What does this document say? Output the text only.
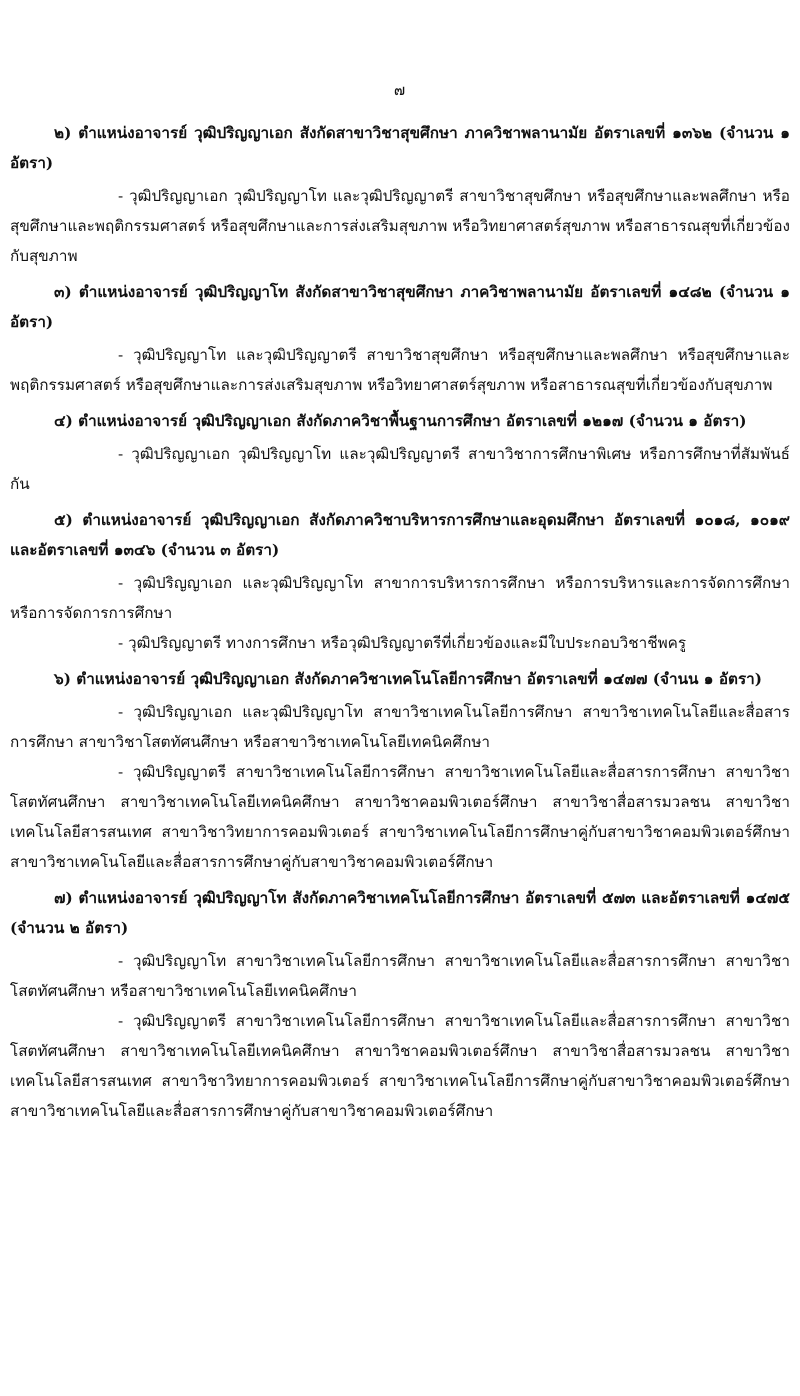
๗

๒) ตำแหน่งอาจารย์ วุฒิปริญญาเอก สังกัดสาขาวิชาสุขศึกษา ภาควิชาพลานามัย อัตราเลขที่ ๑๓๖๒ (จำนวน ๑ อัตรา)

- วุฒิปริญญาเอก วุฒิปริญญาโท และวุฒิปริญญาตรี สาขาวิชาสุขศึกษา หรือสุขศึกษาและพลศึกษา หรือสุขศึกษาและพฤติกรรมศาสตร์ หรือสุขศึกษาและการส่งเสริมสุขภาพ หรือวิทยาศาสตร์สุขภาพ หรือสาธารณสุขที่เกี่ยวข้องกับสุขภาพ

๓) ตำแหน่งอาจารย์ วุฒิปริญญาโท สังกัดสาขาวิชาสุขศึกษา ภาควิชาพลานามัย อัตราเลขที่ ๑๔๘๒ (จำนวน ๑ อัตรา)

- วุฒิปริญญาโท และวุฒิปริญญาตรี สาขาวิชาสุขศึกษา หรือสุขศึกษาและพลศึกษา หรือสุขศึกษาและพฤติกรรมศาสตร์ หรือสุขศึกษาและการส่งเสริมสุขภาพ หรือวิทยาศาสตร์สุขภาพ หรือสาธารณสุขที่เกี่ยวข้องกับสุขภาพ

๔) ตำแหน่งอาจารย์ วุฒิปริญญาเอก สังกัดภาควิชาพื้นฐานการศึกษา อัตราเลขที่ ๑๒๑๗ (จำนวน ๑ อัตรา)

- วุฒิปริญญาเอก วุฒิปริญญาโท และวุฒิปริญญาตรี สาขาวิชาการศึกษาพิเศษ หรือการศึกษาที่สัมพันธ์กัน

๕) ตำแหน่งอาจารย์ วุฒิปริญญาเอก สังกัดภาควิชาบริหารการศึกษาและอุดมศึกษา อัตราเลขที่ ๑๐๑๘, ๑๐๑๙ และอัตราเลขที่ ๑๓๔๖ (จำนวน ๓ อัตรา)

- วุฒิปริญญาเอก และวุฒิปริญญาโท สาขาการบริหารการศึกษา หรือการบริหารและการจัดการศึกษา หรือการจัดการการศึกษา

- วุฒิปริญญาตรี ทางการศึกษา หรือวุฒิปริญญาตรีที่เกี่ยวข้องและมีใบประกอบวิชาชีพครู

๖) ตำแหน่งอาจารย์ วุฒิปริญญาเอก สังกัดภาควิชาเทคโนโลยีการศึกษา อัตราเลขที่ ๑๔๗๗ (จำนน ๑ อัตรา)

- วุฒิปริญญาเอก และวุฒิปริญญาโท สาขาวิชาเทคโนโลยีการศึกษา สาขาวิชาเทคโนโลยีและสื่อสารการศึกษา สาขาวิชาโสตทัศนศึกษา หรือสาขาวิชาเทคโนโลยีเทคนิคศึกษา

- วุฒิปริญญาตรี สาขาวิชาเทคโนโลยีการศึกษา สาขาวิชาเทคโนโลยีและสื่อสารการศึกษา สาขาวิชาโสตทัศนศึกษา สาขาวิชาเทคโนโลยีเทคนิคศึกษา สาขาวิชาคอมพิวเตอร์ศึกษา สาขาวิชาสื่อสารมวลชน สาขาวิชาเทคโนโลยีสารสนเทศ สาขาวิชาวิทยาการคอมพิวเตอร์ สาขาวิชาเทคโนโลยีการศึกษาคู่กับสาขาวิชาคอมพิวเตอร์ศึกษา สาขาวิชาเทคโนโลยีและสื่อสารการศึกษาคู่กับสาขาวิชาคอมพิวเตอร์ศึกษา

๗) ตำแหน่งอาจารย์ วุฒิปริญญาโท สังกัดภาควิชาเทคโนโลยีการศึกษา อัตราเลขที่ ๕๗๓ และอัตราเลขที่ ๑๔๗๕ (จำนวน ๒ อัตรา)

- วุฒิปริญญาโท สาขาวิชาเทคโนโลยีการศึกษา สาขาวิชาเทคโนโลยีและสื่อสารการศึกษา สาขาวิชาโสตทัศนศึกษา หรือสาขาวิชาเทคโนโลยีเทคนิคศึกษา

- วุฒิปริญญาตรี สาขาวิชาเทคโนโลยีการศึกษา สาขาวิชาเทคโนโลยีและสื่อสารการศึกษา สาขาวิชาโสตทัศนศึกษา สาขาวิชาเทคโนโลยีเทคนิคศึกษา สาขาวิชาคอมพิวเตอร์ศึกษา สาขาวิชาสื่อสารมวลชน สาขาวิชาเทคโนโลยีสารสนเทศ สาขาวิชาวิทยาการคอมพิวเตอร์ สาขาวิชาเทคโนโลยีการศึกษาคู่กับสาขาวิชาคอมพิวเตอร์ศึกษา สาขาวิชาเทคโนโลยีและสื่อสารการศึกษาคู่กับสาขาวิชาคอมพิวเตอร์ศึกษา
